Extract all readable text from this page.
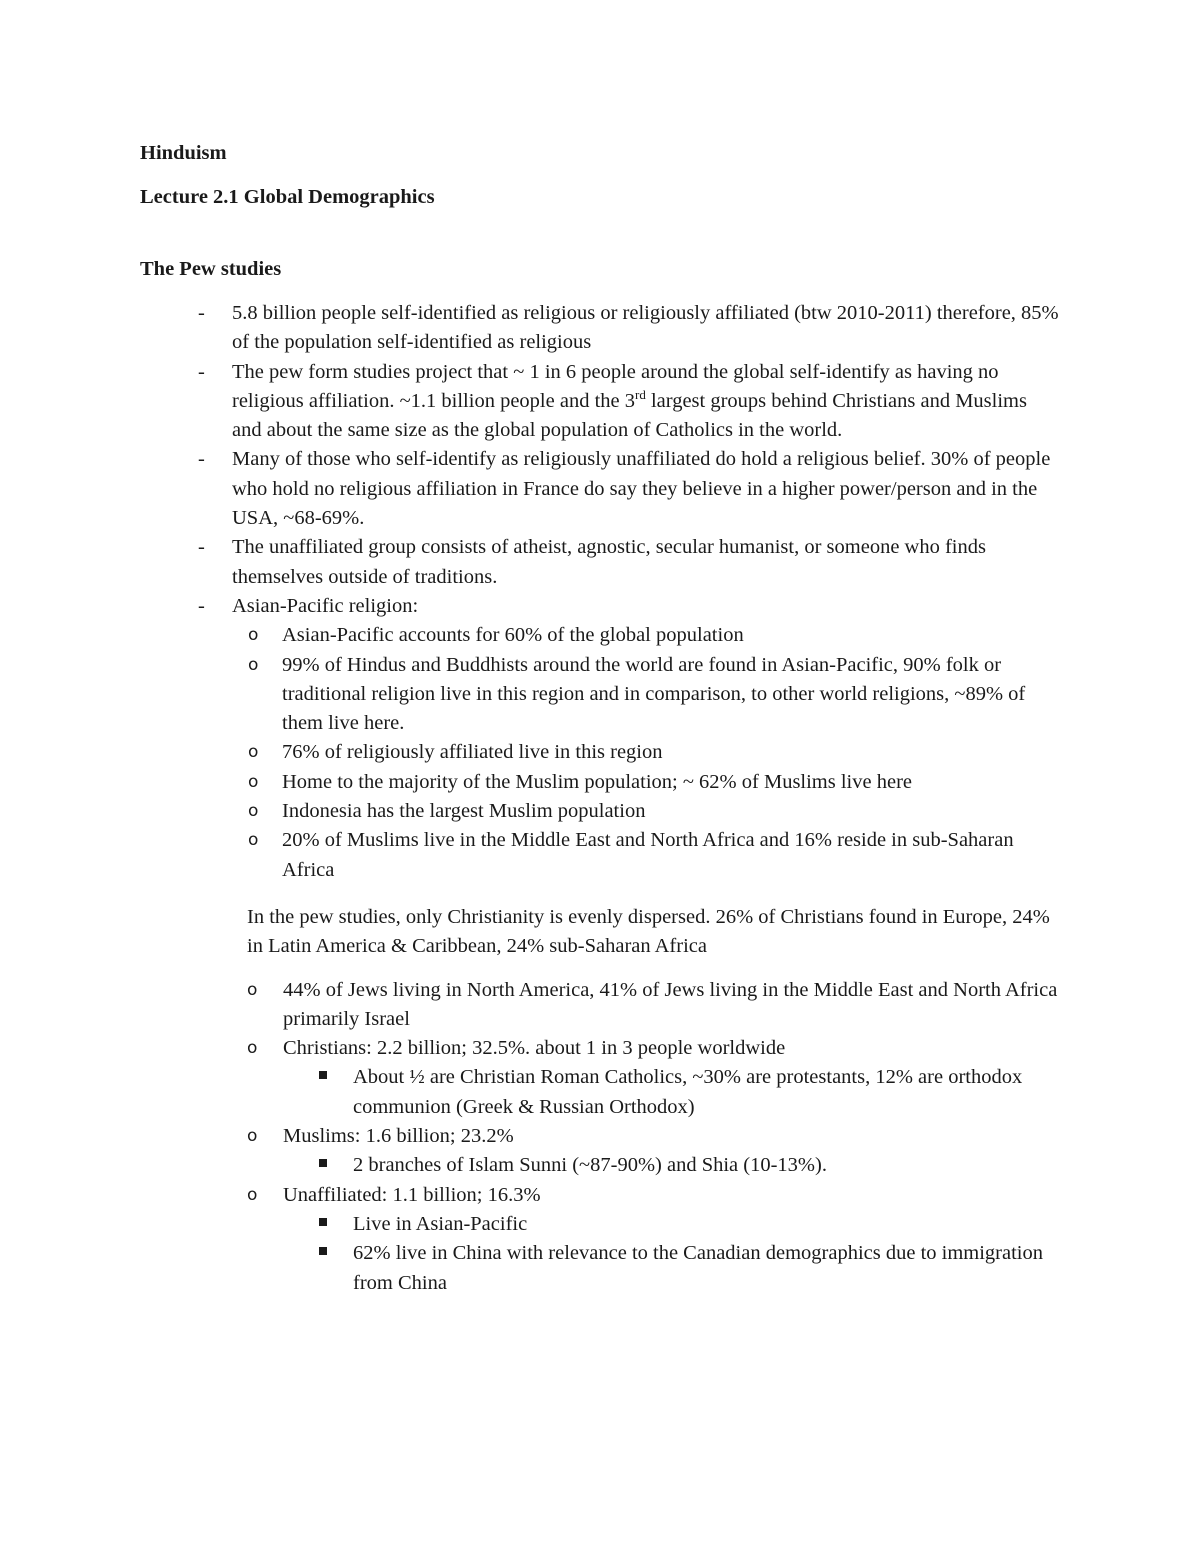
Hinduism
Lecture 2.1 Global Demographics
The Pew studies
- 5.8 billion people self-identified as religious or religiously affiliated (btw 2010-2011) therefore, 85% of the population self-identified as religious
- The pew form studies project that ~ 1 in 6 people around the global self-identify as having no religious affiliation. ~1.1 billion people and the 3rd largest groups behind Christians and Muslims and about the same size as the global population of Catholics in the world.
- Many of those who self-identify as religiously unaffiliated do hold a religious belief. 30% of people who hold no religious affiliation in France do say they believe in a higher power/person and in the USA, ~68-69%.
- The unaffiliated group consists of atheist, agnostic, secular humanist, or someone who finds themselves outside of traditions.
- Asian-Pacific religion:
o Asian-Pacific accounts for 60% of the global population
o 99% of Hindus and Buddhists around the world are found in Asian-Pacific, 90% folk or traditional religion live in this region and in comparison, to other world religions, ~89% of them live here.
o 76% of religiously affiliated live in this region
o Home to the majority of the Muslim population; ~ 62% of Muslims live here
o Indonesia has the largest Muslim population
o 20% of Muslims live in the Middle East and North Africa and 16% reside in sub-Saharan Africa
In the pew studies, only Christianity is evenly dispersed. 26% of Christians found in Europe, 24% in Latin America & Caribbean, 24% sub-Saharan Africa
o 44% of Jews living in North America, 41% of Jews living in the Middle East and North Africa primarily Israel
o Christians: 2.2 billion; 32.5%. about 1 in 3 people worldwide
About ½ are Christian Roman Catholics, ~30% are protestants, 12% are orthodox communion (Greek & Russian Orthodox)
o Muslims: 1.6 billion; 23.2%
2 branches of Islam Sunni (~87-90%) and Shia (10-13%).
o Unaffiliated: 1.1 billion; 16.3%
Live in Asian-Pacific
62% live in China with relevance to the Canadian demographics due to immigration from China
